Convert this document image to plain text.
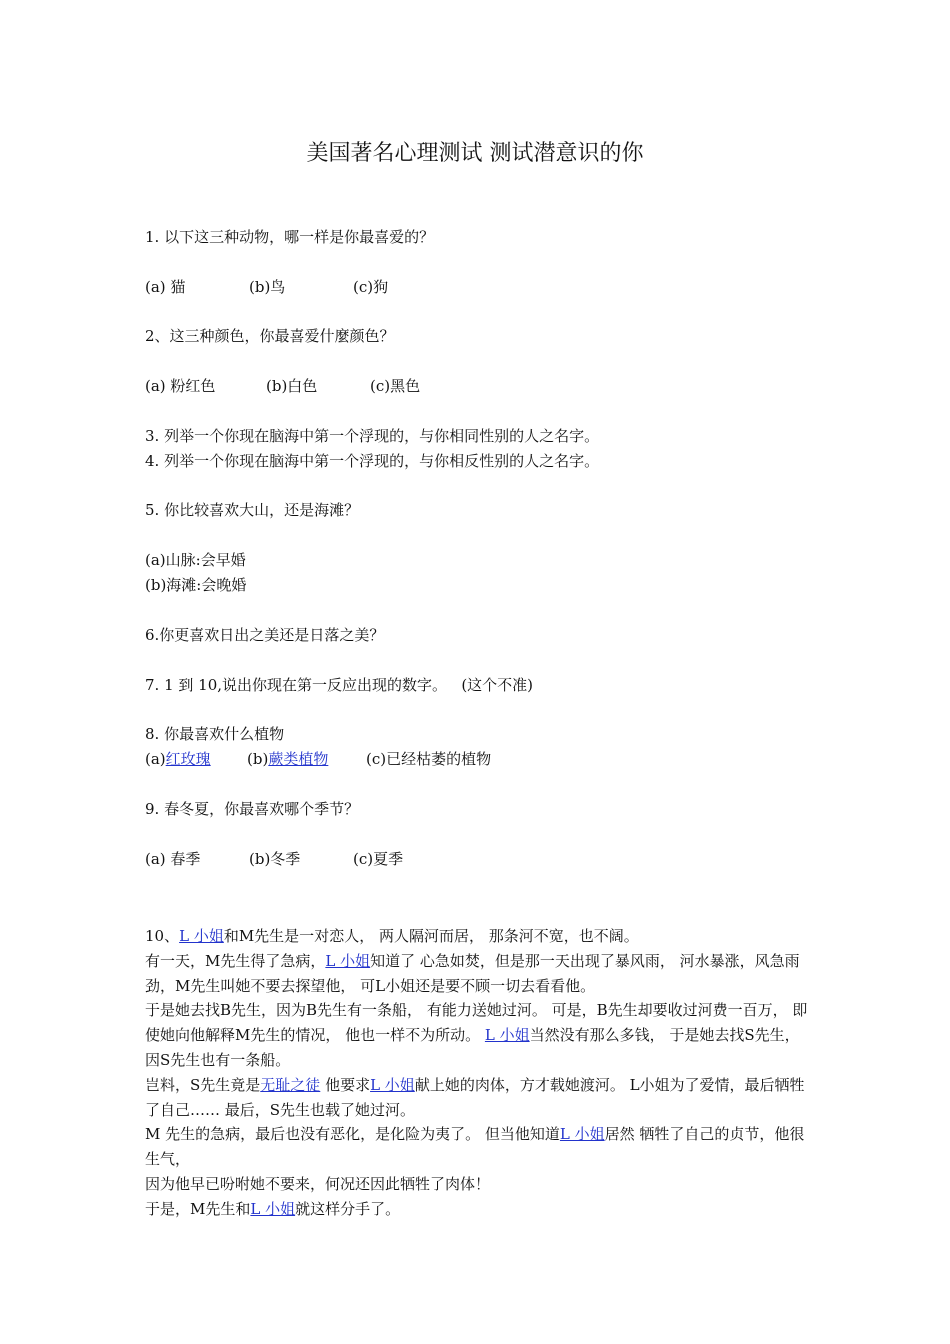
美国著名心理测试 测试潜意识的你
1. 以下这三种动物，哪一样是你最喜爱的？
(a) 猫	(b)鸟	(c)狗
2、这三种颜色，你最喜爱什麼颜色？
(a) 粉红色	(b)白色	(c)黑色
3. 列举一个你现在脑海中第一个浮现的，与你相同性别的人之名字。
4. 列举一个你现在脑海中第一个浮现的，与你相反性别的人之名字。
5. 你比较喜欢大山，还是海滩？
(a)山脉:会早婚
(b)海滩:会晚婚
6.你更喜欢日出之美还是日落之美？
7. 1 到 10,说出你现在第一反应出现的数字。   (这个不准)
8. 你最喜欢什么植物
(a)红玫瑰 (b)蕨类植物	(c)已经枯萎的植物
9. 春冬夏，你最喜欢哪个季节？
(a) 春季	(b)冬季	(c)夏季

10、L 小姐和M先生是一对恋人， 两人隔河而居， 那条河不宽，也不阔。

有一天，M先生得了急病，L 小姐知道了 心急如焚，但是那一天出现了暴风雨， 河水暴涨，风急雨劲，M先生叫她不要去探望他， 可L小姐还是要不顾一切去看看他。

于是她去找B先生，因为B先生有一条船， 有能力送她过河。 可是，B先生却要收过河费一百万， 即使她向他解释M先生的情况， 他也一样不为所动。 L 小姐当然没有那么多钱， 于是她去找S先生，因S先生也有一条船。

岂料，S先生竟是无耻之徒 他要求L 小姐献上她的肉体，方才载她渡河。 L小姐为了爱情，最后牺牲了自己…… 最后，S先生也载了她过河。

M 先生的急病，最后也没有恶化，是化险为夷了。 但当他知道L 小姐居然 牺牲了自己的贞节，他很生气，

因为他早已吩咐她不要来，何况还因此牺牲了肉体！

于是，M先生和L 小姐就这样分手了。
